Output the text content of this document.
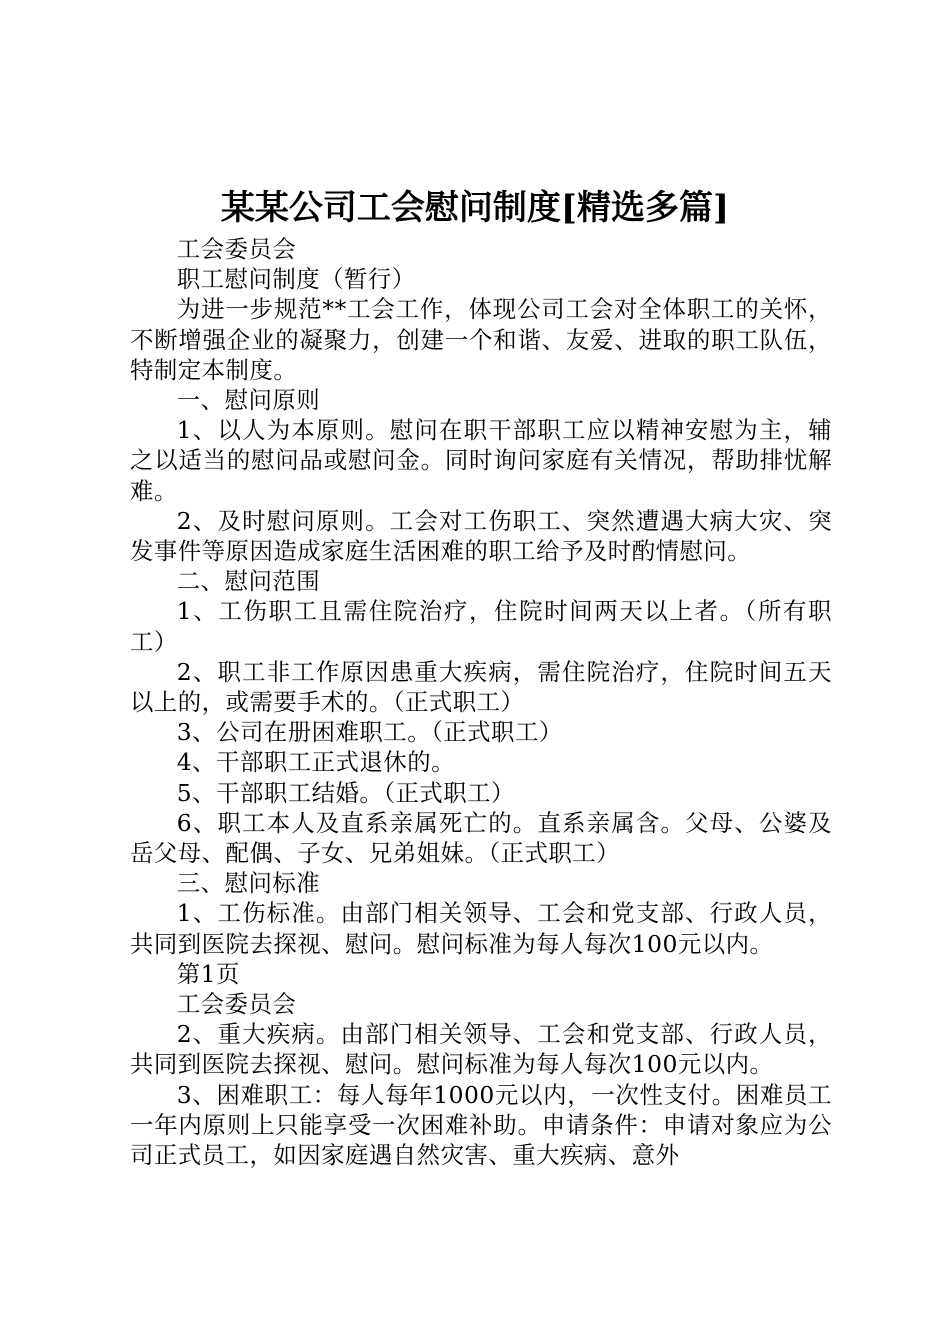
某某公司工会慰问制度[精选多篇]

工会委员会

职工慰问制度（暂行）

为进一步规范**工会工作，体现公司工会对全体职工的关怀，不断增强企业的凝聚力，创建一个和谐、友爱、进取的职工队伍，特制定本制度。

一、慰问原则

1、以人为本原则。慰问在职干部职工应以精神安慰为主，辅之以适当的慰问品或慰问金。同时询问家庭有关情况，帮助排忧解难。

2、及时慰问原则。工会对工伤职工、突然遭遇大病大灾、突发事件等原因造成家庭生活困难的职工给予及时酌情慰问。

二、慰问范围

1、工伤职工且需住院治疗，住院时间两天以上者。（所有职工）

2、职工非工作原因患重大疾病，需住院治疗，住院时间五天以上的，或需要手术的。（正式职工）

3、公司在册困难职工。（正式职工）

4、干部职工正式退休的。

5、干部职工结婚。（正式职工）

6、职工本人及直系亲属死亡的。直系亲属含。父母、公婆及岳父母、配偶、子女、兄弟姐妹。（正式职工）

三、慰问标准

1、工伤标准。由部门相关领导、工会和党支部、行政人员，共同到医院去探视、慰问。慰问标准为每人每次100元以内。

第1页

工会委员会

2、重大疾病。由部门相关领导、工会和党支部、行政人员，共同到医院去探视、慰问。慰问标准为每人每次100元以内。

3、困难职工：每人每年1000元以内，一次性支付。困难员工一年内原则上只能享受一次困难补助。申请条件：申请对象应为公司正式员工，如因家庭遇自然灾害、重大疾病、意外
